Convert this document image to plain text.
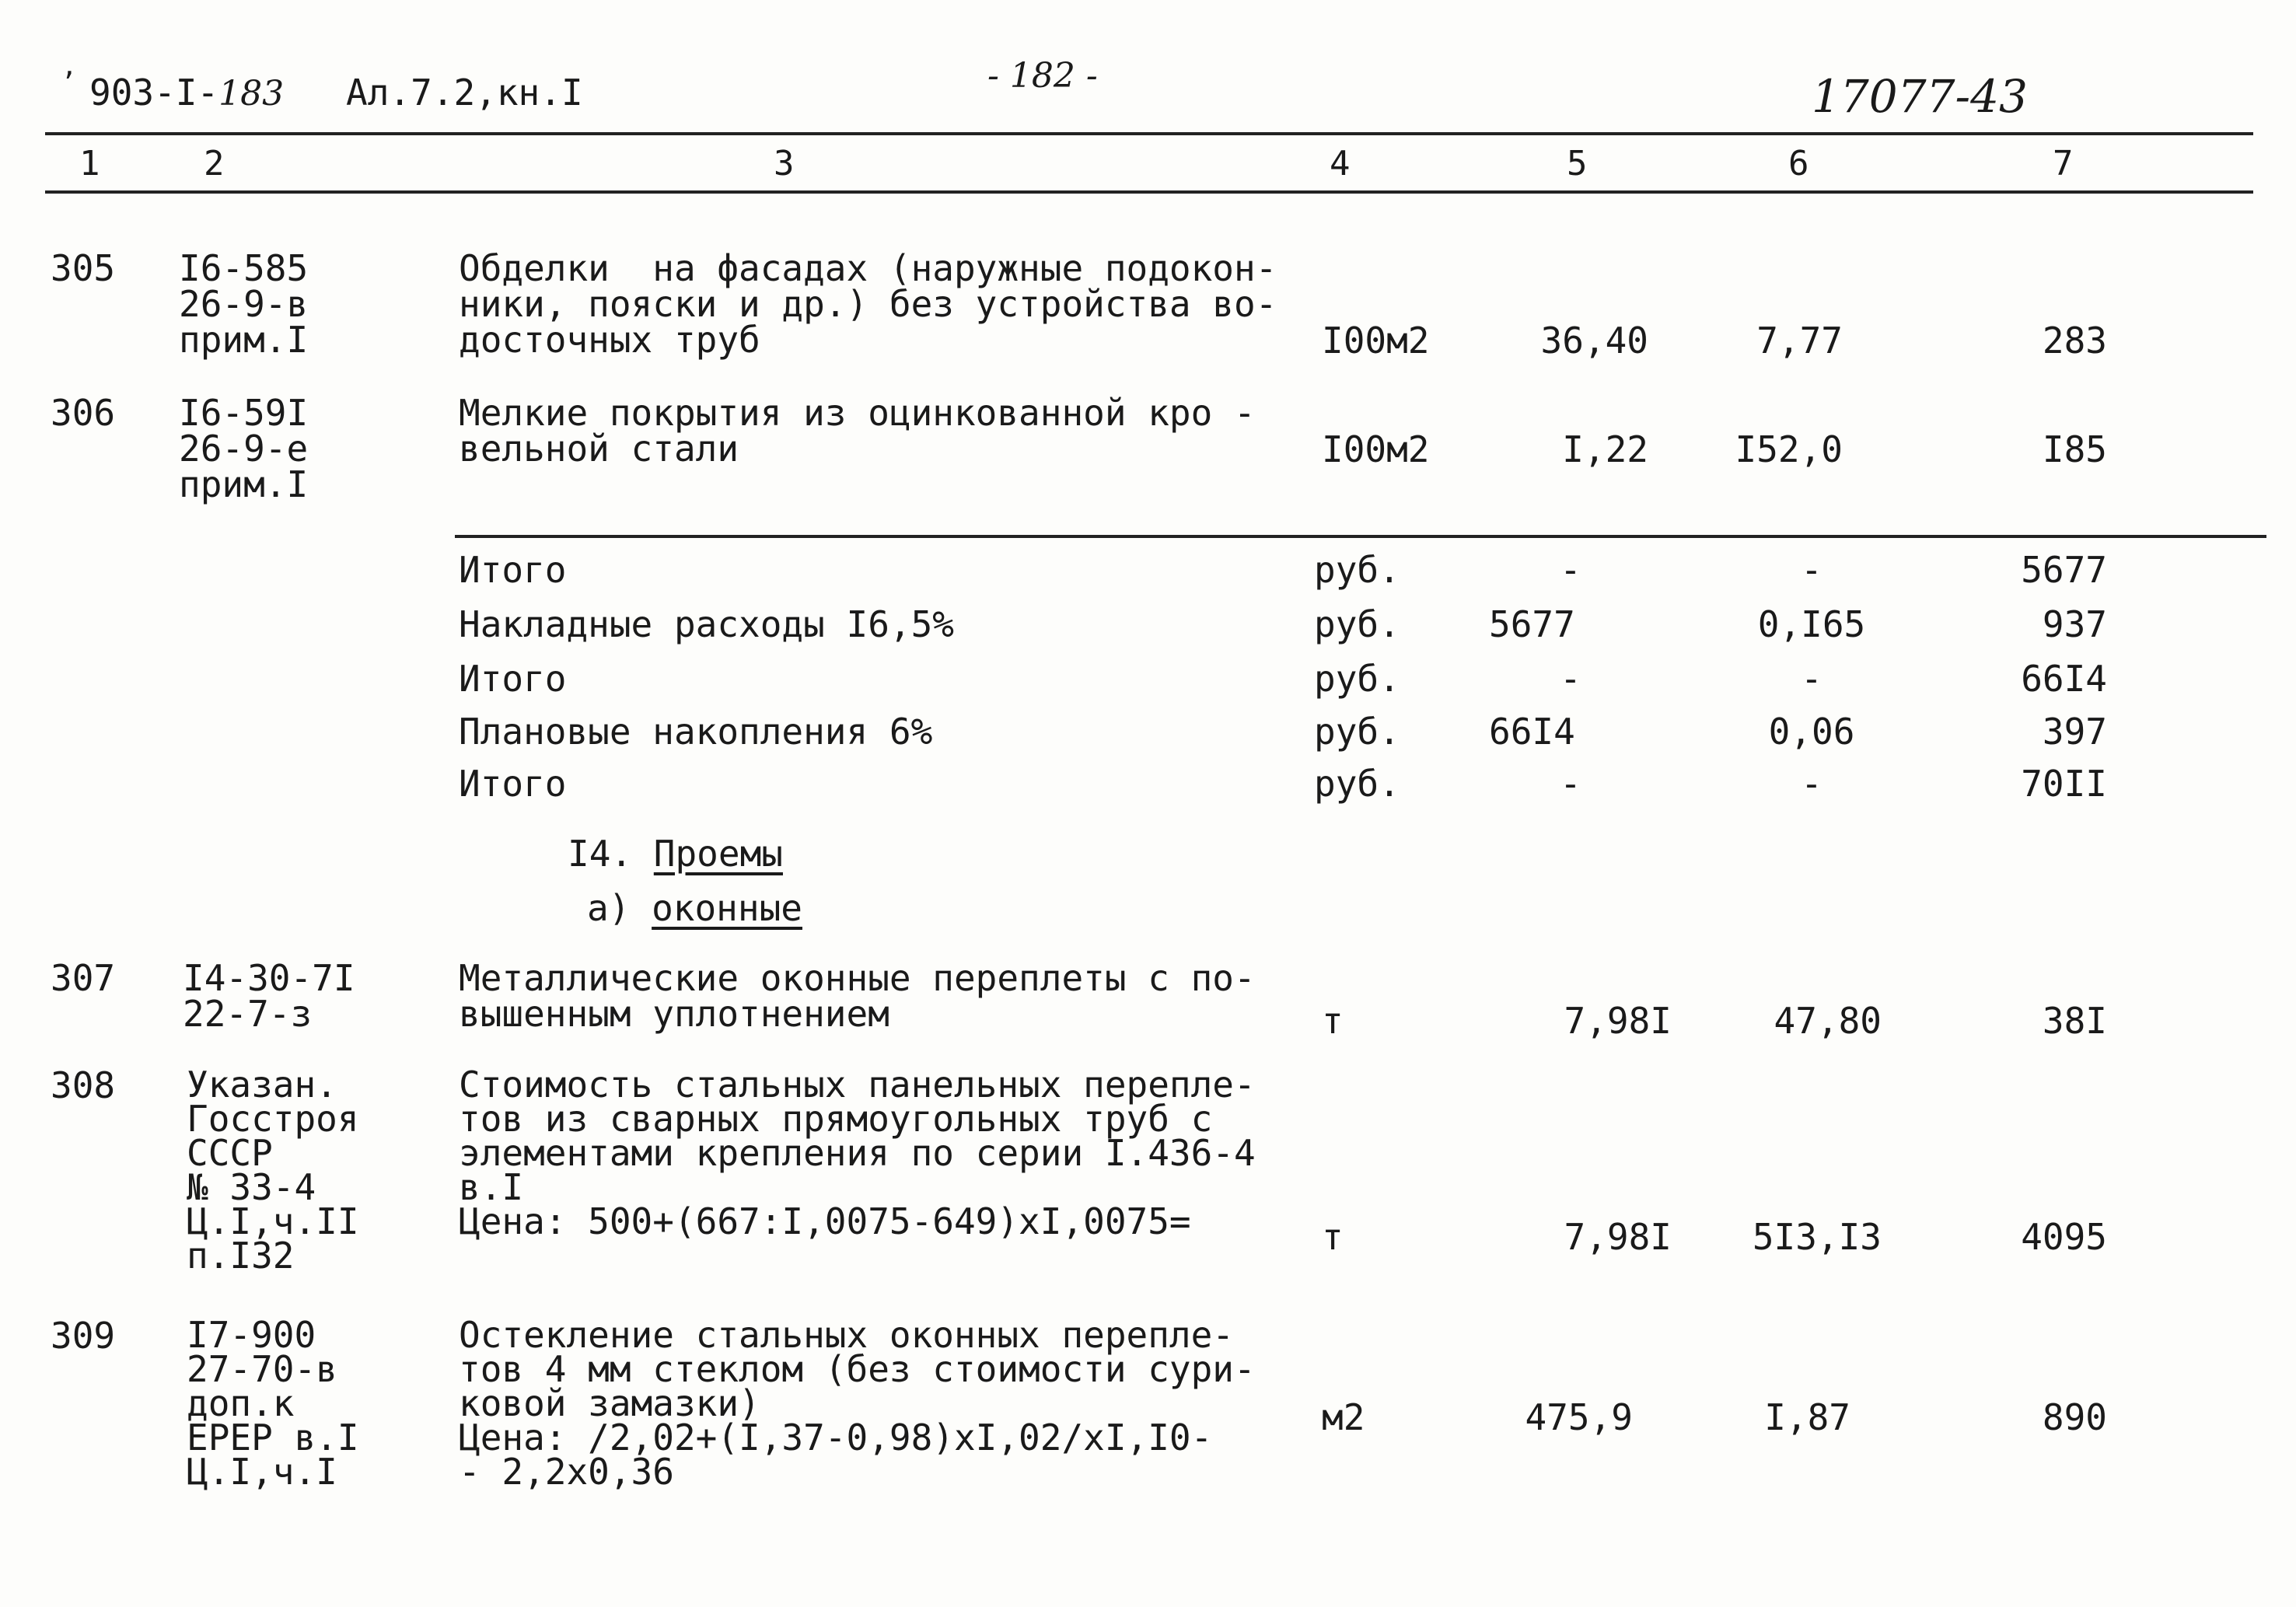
ʼ 903-I-183 Ал.7.2,кн.I	- 182 -	17077-43
1	2	3	4	5	6	7
305 I6-585
26-9-в
прим.I
Обделки  на фасадах (наружные подокон-
ники, пояски и др.) без устройства во-
досточных труб	I00м2	36,40	7,77	283
306 I6-59I
26-9-е
прим.I
Мелкие покрытия из оцинкованной кро -
вельной стали	I00м2	I,22	I52,0	I85
Итого	руб.	-	-	5677
Накладные расходы I6,5%	руб. 5677	0,I65	937
Итого	руб.	-	-	66I4
Плановые накопления 6%	руб. 66I4	0,06	397
Итого	руб.	-	-	70II
I4. Проемы
а) оконные
307 I4-30-7I
22-7-з
Металлические оконные переплеты с по-
вышенным уплотнением	т	7,98I	47,80	38I
308 Указан.
Госстроя
СССР
№ 33-4
Ц.I,ч.II
п.I32
Стоимость стальных панельных перепле-
тов из сварных прямоугольных труб с
элементами крепления по серии I.436-4
в.I
Цена: 500+(667:I,0075-649)хI,0075=	т	7,98I	5I3,I3	4095
309 I7-900
27-70-в
доп.к
ЕРЕР в.I
Ц.I,ч.I
Остекление стальных оконных перепле-
тов 4 мм стеклом (без стоимости сури-
ковой замазки)
Цена: /2,02+(I,37-0,98)хI,02/хI,I0-
- 2,2х0,36
м2	475,9	I,87	890
